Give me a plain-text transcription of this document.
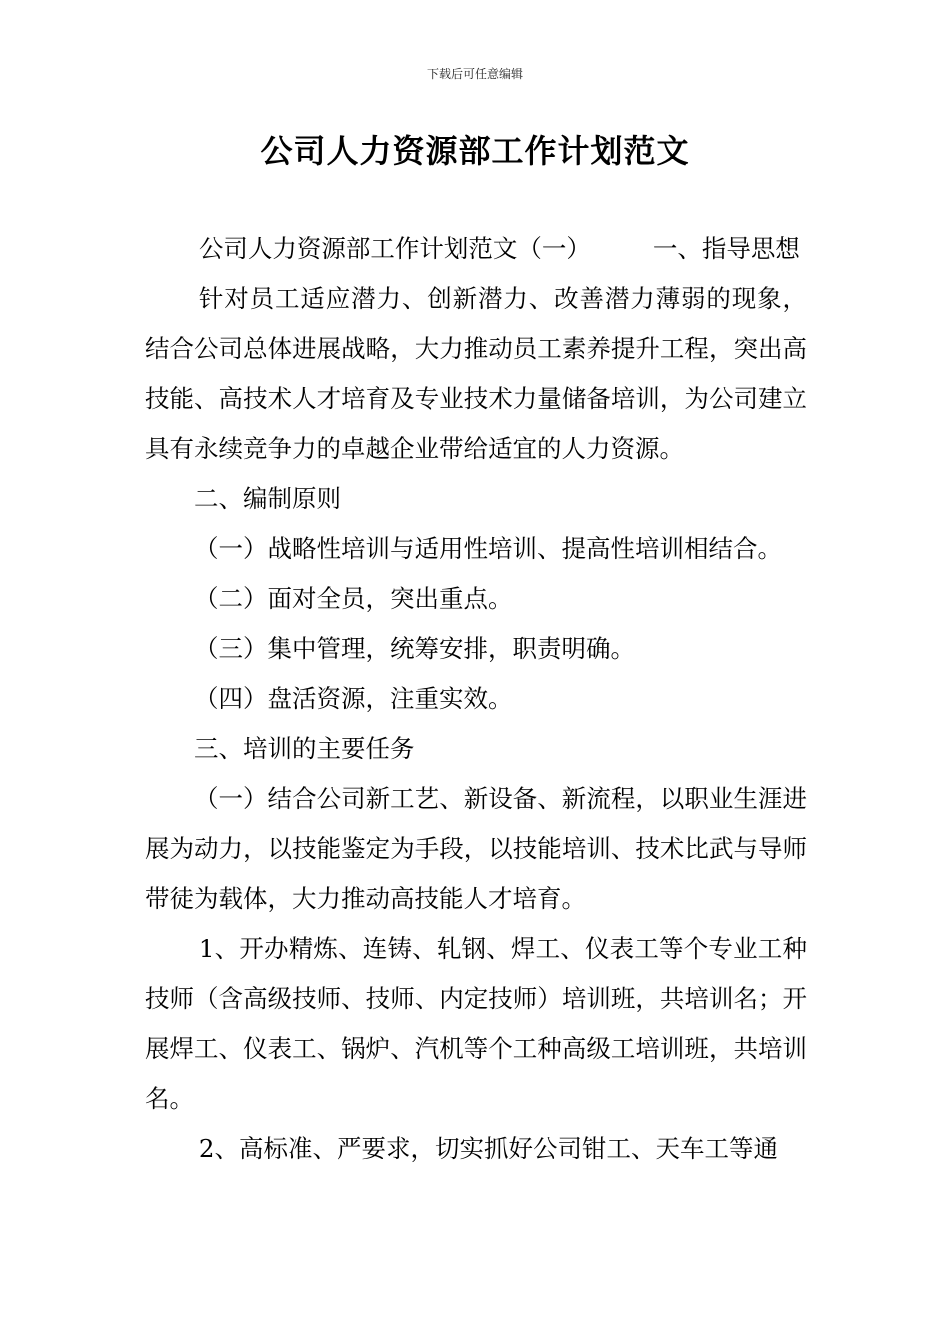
下载后可任意编辑
公司人力资源部工作计划范文

公司人力资源部工作计划范文（一）	一、指导思想

针对员工适应潜力、创新潜力、改善潜力薄弱的现象，结合公司总体进展战略，大力推动员工素养提升工程，突出高技能、高技术人才培育及专业技术力量储备培训，为公司建立具有永续竞争力的卓越企业带给适宜的人力资源。

二、编制原则

（一）战略性培训与适用性培训、提高性培训相结合。

（二）面对全员，突出重点。

（三）集中管理，统筹安排，职责明确。

（四）盘活资源，注重实效。

三、培训的主要任务

（一）结合公司新工艺、新设备、新流程，以职业生涯进展为动力，以技能鉴定为手段，以技能培训、技术比武与导师带徒为载体，大力推动高技能人才培育。

1、开办精炼、连铸、轧钢、焊工、仪表工等个专业工种技师（含高级技师、技师、内定技师）培训班，共培训名；开展焊工、仪表工、锅炉、汽机等个工种高级工培训班，共培训名。

2、高标准、严要求，切实抓好公司钳工、天车工等通
